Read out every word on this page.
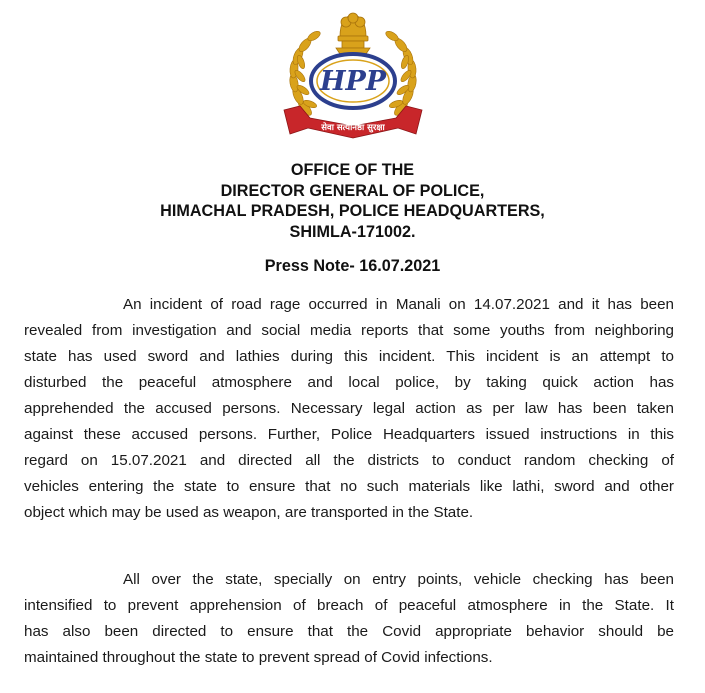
HPP
सेवा सत्यनिष्ठा सुरक्षा
OFFICE OF THE
DIRECTOR GENERAL OF POLICE,
HIMACHAL PRADESH, POLICE HEADQUARTERS,
SHIMLA-171002.
Press Note- 16.07.2021
An incident of road rage occurred in Manali on 14.07.2021 and it has been
revealed from investigation and social media reports that some youths from neighboring
state has used sword and lathies during this incident. This incident is an attempt to
disturbed the peaceful atmosphere and local police, by taking quick action has
apprehended the accused persons. Necessary legal action as per law has been taken
against these accused persons. Further, Police Headquarters issued instructions in this
regard on 15.07.2021 and directed all the districts to conduct random checking of
vehicles entering the state to ensure that no such materials like lathi, sword and other
object which may be used as weapon, are transported in the State.
All over the state, specially on entry points, vehicle checking has been
intensified to prevent apprehension of breach of peaceful atmosphere in the State. It
has also been directed to ensure that the Covid appropriate behavior should be
maintained throughout the state to prevent spread of Covid infections.
